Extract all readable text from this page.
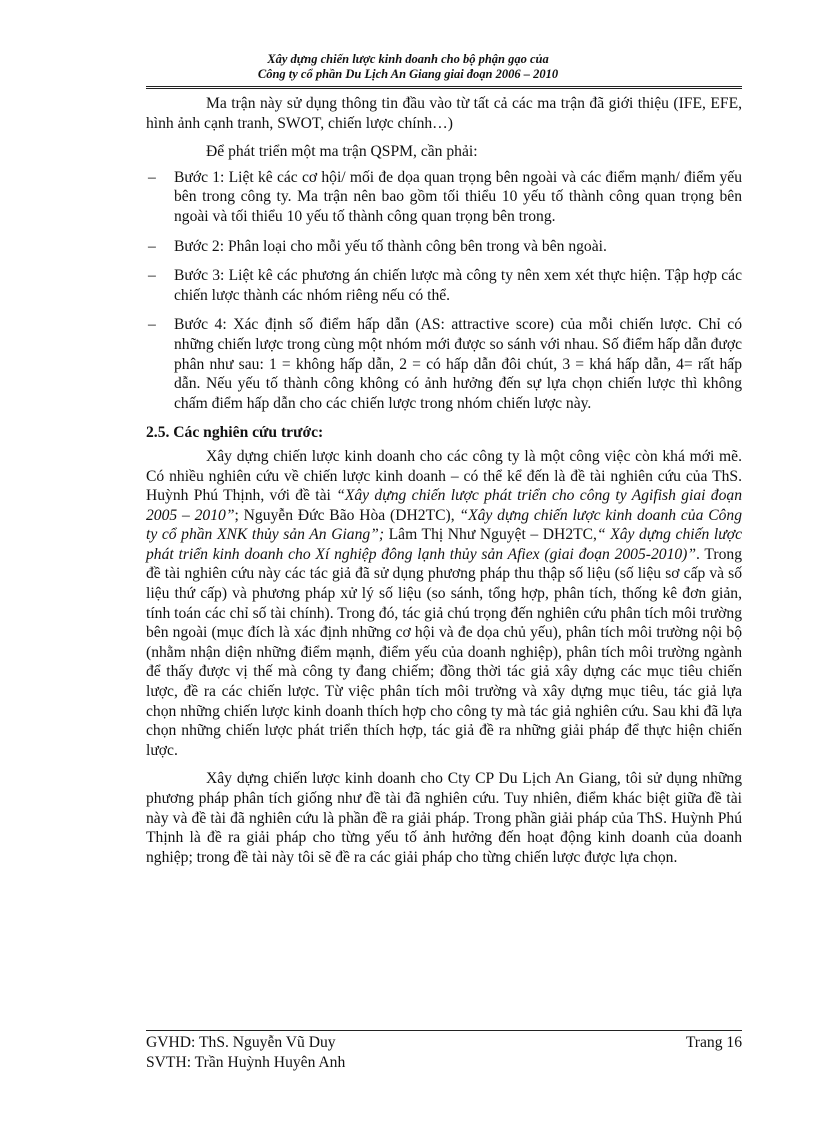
Xây dựng chiến lược kinh doanh cho bộ phận gạo của
Công ty cổ phần Du Lịch An Giang giai đoạn 2006 – 2010

Ma trận này sử dụng thông tin đầu vào từ tất cả các ma trận đã giới thiệu (IFE, EFE, hình ảnh cạnh tranh, SWOT, chiến lược chính…)

Để phát triển một ma trận QSPM, cần phải:

– Bước 1: Liệt kê các cơ hội/ mối đe dọa quan trọng bên ngoài và các điểm mạnh/ điểm yếu bên trong công ty. Ma trận nên bao gồm tối thiểu 10 yếu tố thành công quan trọng bên ngoài và tối thiểu 10 yếu tố thành công quan trọng bên trong.
– Bước 2: Phân loại cho mỗi yếu tố thành công bên trong và bên ngoài.
– Bước 3: Liệt kê các phương án chiến lược mà công ty nên xem xét thực hiện. Tập hợp các chiến lược thành các nhóm riêng nếu có thể.
– Bước 4: Xác định số điểm hấp dẫn (AS: attractive score) của mỗi chiến lược. Chỉ có những chiến lược trong cùng một nhóm mới được so sánh với nhau. Số điểm hấp dẫn được phân như sau: 1 = không hấp dẫn, 2 = có hấp dẫn đôi chút, 3 = khá hấp dẫn, 4= rất hấp dẫn. Nếu yếu tố thành công không có ảnh hưởng đến sự lựa chọn chiến lược thì không chấm điểm hấp dẫn cho các chiến lược trong nhóm chiến lược này.

2.5. Các nghiên cứu trước:

Xây dựng chiến lược kinh doanh cho các công ty là một công việc còn khá mới mẽ. Có nhiều nghiên cứu về chiến lược kinh doanh – có thể kể đến là đề tài nghiên cứu của ThS. Huỳnh Phú Thịnh, với đề tài “Xây dựng chiến lược phát triển cho công ty Agifish giai đoạn 2005 – 2010”; Nguyễn Đức Bão Hòa (DH2TC), “Xây dựng chiến lược kinh doanh của Công ty cổ phần XNK thủy sản An Giang”; Lâm Thị Như Nguyệt – DH2TC,“ Xây dựng chiến lược phát triển kinh doanh cho Xí nghiệp đông lạnh thủy sản Afiex (giai đoạn 2005-2010)”. Trong đề tài nghiên cứu này các tác giả đã sử dụng phương pháp thu thập số liệu (số liệu sơ cấp và số liệu thứ cấp) và phương pháp xử lý số liệu (so sánh, tổng hợp, phân tích, thống kê đơn giản, tính toán các chỉ số tài chính). Trong đó, tác giả chú trọng đến nghiên cứu phân tích môi trường bên ngoài (mục đích là xác định những cơ hội và đe dọa chủ yếu), phân tích môi trường nội bộ (nhằm nhận diện những điểm mạnh, điểm yếu của doanh nghiệp), phân tích môi trường ngành để thấy được vị thế mà công ty đang chiếm; đồng thời tác giả xây dựng các mục tiêu chiến lược, đề ra các chiến lược. Từ việc phân tích môi trường và xây dựng mục tiêu, tác giả lựa chọn những chiến lược kinh doanh thích hợp cho công ty mà tác giả nghiên cứu. Sau khi đã lựa chọn những chiến lược phát triển thích hợp, tác giả đề ra những giải pháp để thực hiện chiến lược.

Xây dựng chiến lược kinh doanh cho Cty CP Du Lịch An Giang, tôi sử dụng những phương pháp phân tích giống như đề tài đã nghiên cứu. Tuy nhiên, điểm khác biệt giữa đề tài này và đề tài đã nghiên cứu là phần đề ra giải pháp. Trong phần giải pháp của ThS. Huỳnh Phú Thịnh là đề ra giải pháp cho từng yếu tố ảnh hưởng đến hoạt động kinh doanh của doanh nghiệp; trong đề tài này tôi sẽ đề ra các giải pháp cho từng chiến lược được lựa chọn.

GVHD: ThS. Nguyễn Vũ Duy
SVTH: Trần Huỳnh Huyên Anh
Trang 16
